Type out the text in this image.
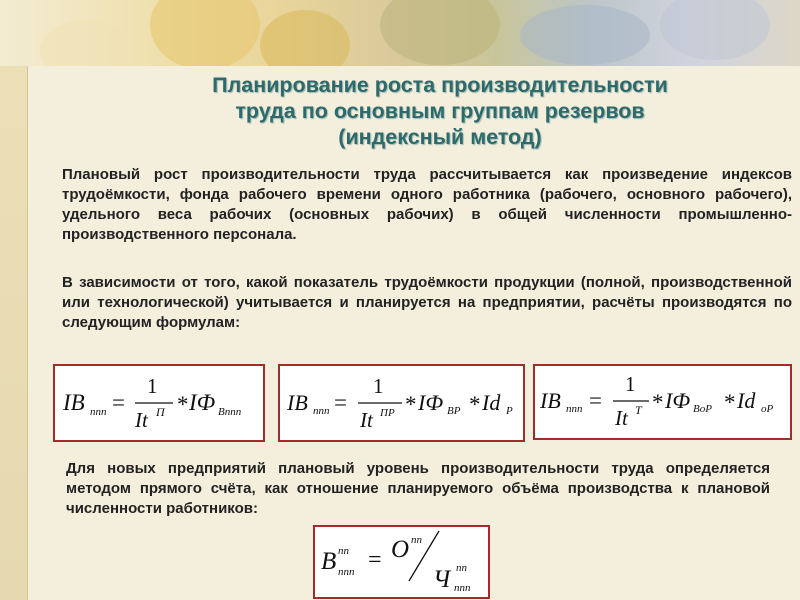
Планирование роста производительности
труда по основным группам резервов
(индексный метод)
Плановый рост производительности труда рассчитывается как произведение индексов трудоёмкости, фонда рабочего времени одного работника (рабочего, основного рабочего), удельного веса рабочих (основных рабочих) в общей численности промышленно-производственного персонала.
В зависимости от того, какой показатель трудоёмкости продукции (полной, производственной или технологической) учитывается и планируется на предприятии, расчёты производятся по следующим формулам:
IB ппп =
1
It П * IФ Bппп IB ппп =
1
It ПР * IФ BР * Id Р IB ппп =
1
It Т * IФ BоР * Id оР
Для новых предприятий плановый уровень производительности труда определяется методом прямого счёта, как отношение планируемого объёма производства к плановой численности работников:
B пп
ппп = O пп
Ч пп
ппп
